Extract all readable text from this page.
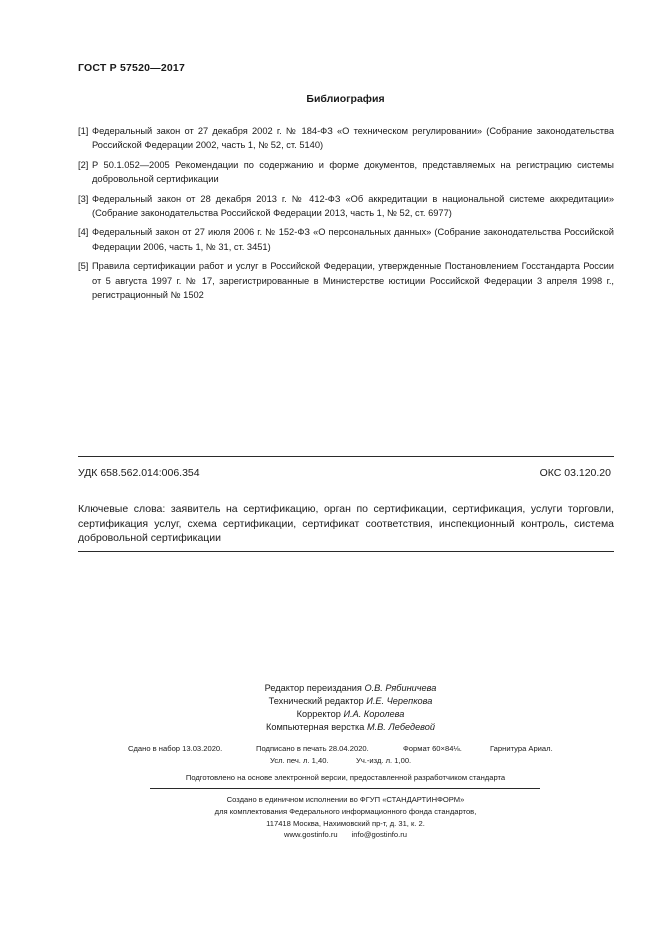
ГОСТ Р 57520—2017
Библиография
[1] Федеральный закон от 27 декабря 2002 г. № 184-ФЗ «О техническом регулировании» (Собрание законодательства Российской Федерации 2002, часть 1, № 52, ст. 5140)
[2] Р 50.1.052—2005 Рекомендации по содержанию и форме документов, представляемых на регистрацию системы добровольной сертификации
[3] Федеральный закон от 28 декабря 2013 г. № 412-ФЗ «Об аккредитации в национальной системе аккредитации» (Собрание законодательства Российской Федерации 2013, часть 1, № 52, ст. 6977)
[4] Федеральный закон от 27 июля 2006 г. № 152-ФЗ «О персональных данных» (Собрание законодательства Российской Федерации 2006, часть 1, № 31, ст. 3451)
[5] Правила сертификации работ и услуг в Российской Федерации, утвержденные Постановлением Госстандарта России от 5 августа 1997 г. № 17, зарегистрированные в Министерстве юстиции Российской Федерации 3 апреля 1998 г., регистрационный № 1502
УДК 658.562.014:006.354	ОКС 03.120.20
Ключевые слова: заявитель на сертификацию, орган по сертификации, сертификация, услуги торговли, сертификация услуг, схема сертификации, сертификат соответствия, инспекционный контроль, система добровольной сертификации
Редактор переиздания О.В. Рябиничева
Технический редактор И.Е. Черепкова
Корректор И.А. Королева
Компьютерная верстка М.В. Лебедевой
Сдано в набор 13.03.2020.	Подписано в печать 28.04.2020.	Формат 60×84⅛.	Гарнитура Ариал.
Усл. печ. л. 1,40.	Уч.-изд. л. 1,00.
Подготовлено на основе электронной версии, предоставленной разработчиком стандарта
Создано в единичном исполнении во ФГУП «СТАНДАРТИНФОРМ»
для комплектования Федерального информационного фонда стандартов,
117418 Москва, Нахимовский пр-т, д. 31, к. 2.
www.gostinfo.ru info@gostinfo.ru
